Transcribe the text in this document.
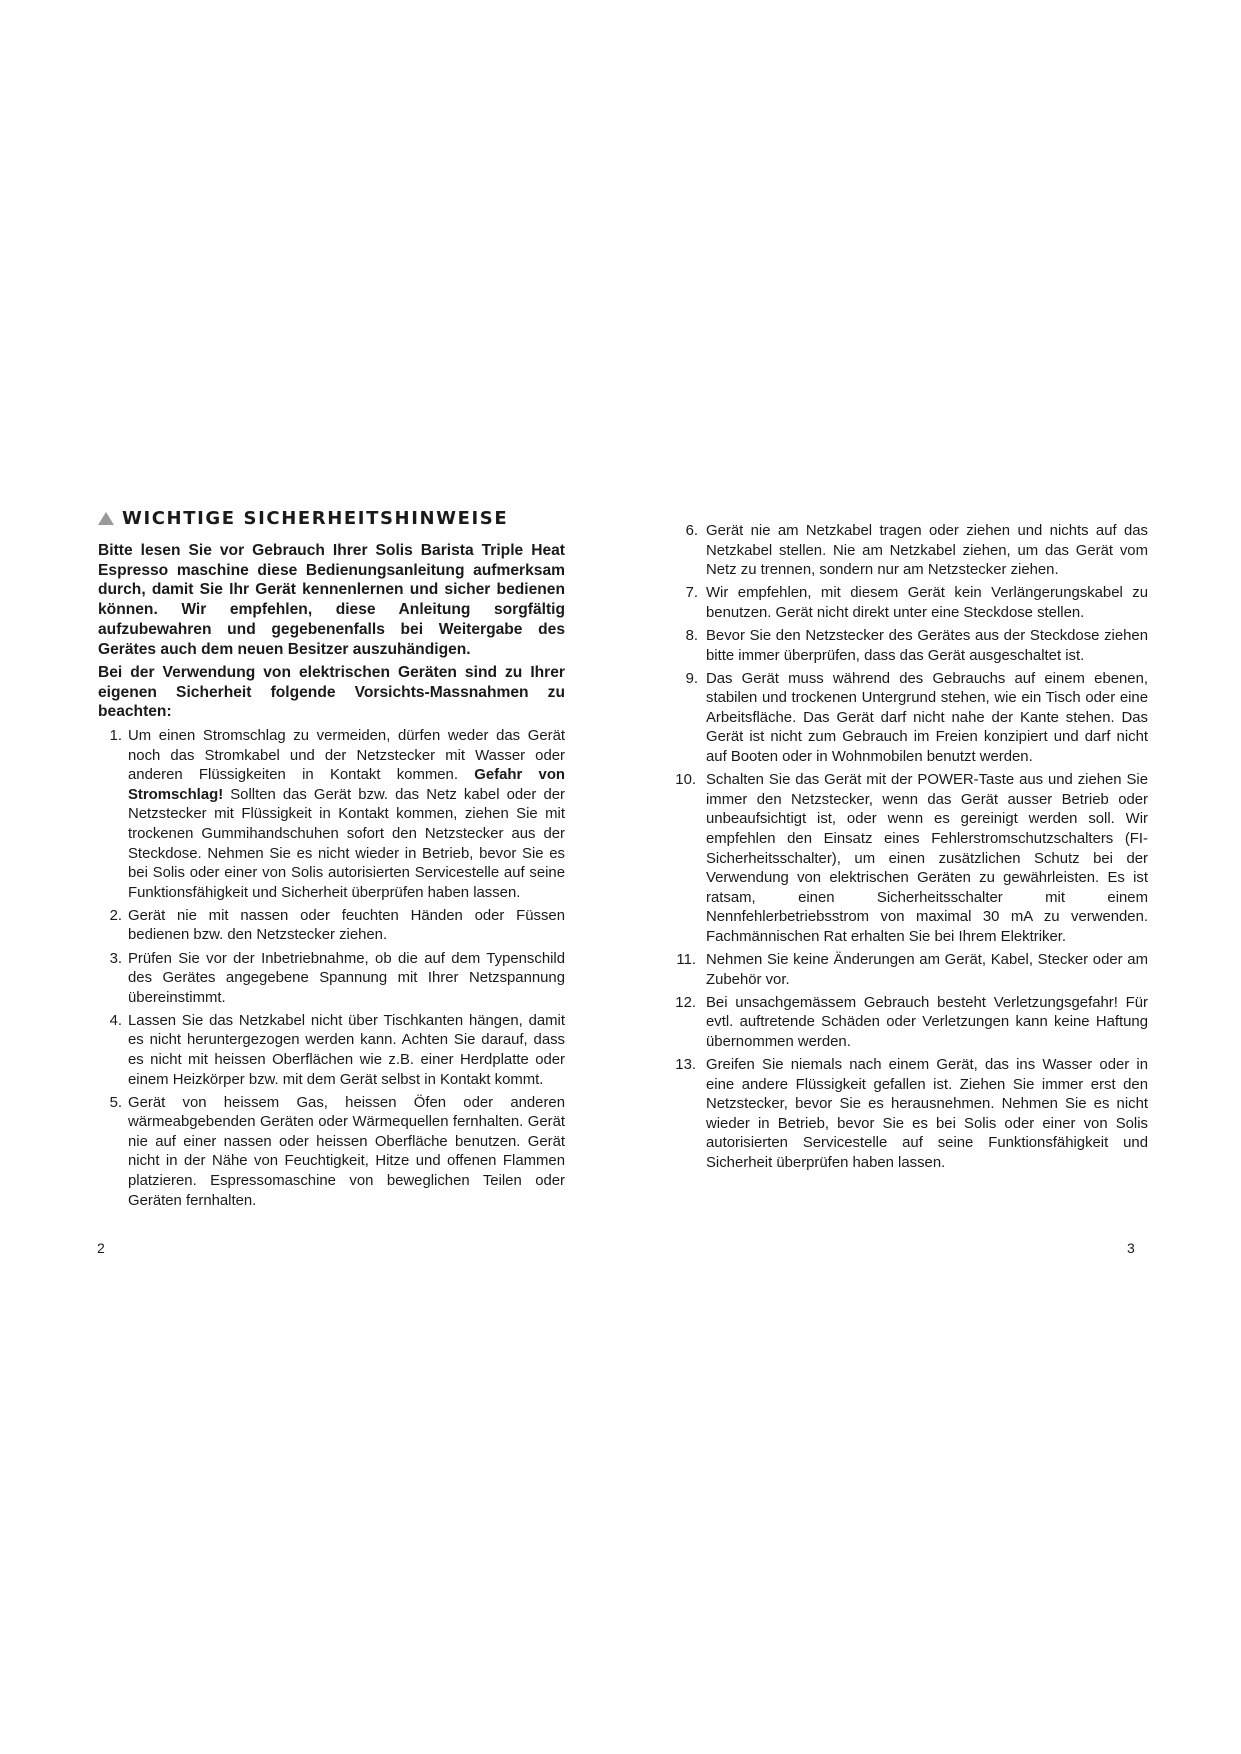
WICHTIGE SICHERHEITSHINWEISE

Bitte lesen Sie vor Gebrauch Ihrer Solis Barista Triple Heat Espresso maschine diese Bedienungsanleitung aufmerksam durch, damit Sie Ihr Gerät kennenlernen und sicher bedienen können. Wir empfehlen, diese Anleitung sorgfältig aufzubewahren und gegebenenfalls bei Weitergabe des Gerätes auch dem neuen Besitzer auszuhändigen.

Bei der Verwendung von elektrischen Geräten sind zu Ihrer eigenen Sicherheit folgende Vorsichts-Massnahmen zu beachten:

1. Um einen Stromschlag zu vermeiden, dürfen weder das Gerät noch das Stromkabel und der Netzstecker mit Wasser oder anderen Flüssigkeiten in Kontakt kommen. Gefahr von Stromschlag! Sollten das Gerät bzw. das Netz kabel oder der Netzstecker mit Flüssigkeit in Kontakt kommen, ziehen Sie mit trockenen Gummihandschuhen sofort den Netzstecker aus der Steckdose. Nehmen Sie es nicht wieder in Betrieb, bevor Sie es bei Solis oder einer von Solis autorisierten Servicestelle auf seine Funktionsfähigkeit und Sicherheit überprüfen haben lassen.
2. Gerät nie mit nassen oder feuchten Händen oder Füssen bedienen bzw. den Netzstecker ziehen.
3. Prüfen Sie vor der Inbetriebnahme, ob die auf dem Typenschild des Gerätes angegebene Spannung mit Ihrer Netzspannung übereinstimmt.
4. Lassen Sie das Netzkabel nicht über Tischkanten hängen, damit es nicht heruntergezogen werden kann. Achten Sie darauf, dass es nicht mit heissen Oberflächen wie z.B. einer Herdplatte oder einem Heizkörper bzw. mit dem Gerät selbst in Kontakt kommt.
5. Gerät von heissem Gas, heissen Öfen oder anderen wärmeabgebenden Geräten oder Wärmequellen fernhalten. Gerät nie auf einer nassen oder heissen Oberfläche benutzen. Gerät nicht in der Nähe von Feuchtigkeit, Hitze und offenen Flammen platzieren. Espressomaschine von beweglichen Teilen oder Geräten fernhalten.
6. Gerät nie am Netzkabel tragen oder ziehen und nichts auf das Netzkabel stellen. Nie am Netzkabel ziehen, um das Gerät vom Netz zu trennen, sondern nur am Netzstecker ziehen.
7. Wir empfehlen, mit diesem Gerät kein Verlängerungskabel zu benutzen. Gerät nicht direkt unter eine Steckdose stellen.
8. Bevor Sie den Netzstecker des Gerätes aus der Steckdose ziehen bitte immer überprüfen, dass das Gerät ausgeschaltet ist.
9. Das Gerät muss während des Gebrauchs auf einem ebenen, stabilen und trockenen Untergrund stehen, wie ein Tisch oder eine Arbeitsfläche. Das Gerät darf nicht nahe der Kante stehen. Das Gerät ist nicht zum Gebrauch im Freien konzipiert und darf nicht auf Booten oder in Wohnmobilen benutzt werden.
10. Schalten Sie das Gerät mit der POWER-Taste aus und ziehen Sie immer den Netzstecker, wenn das Gerät ausser Betrieb oder unbeaufsichtigt ist, oder wenn es gereinigt werden soll. Wir empfehlen den Einsatz eines Fehlerstromschutzschalters (FI-Sicherheitsschalter), um einen zusätzlichen Schutz bei der Verwendung von elektrischen Geräten zu gewährleisten. Es ist ratsam, einen Sicherheitsschalter mit einem Nennfehlerbetriebsstrom von maximal 30 mA zu verwenden. Fachmännischen Rat erhalten Sie bei Ihrem Elektriker.
11. Nehmen Sie keine Änderungen am Gerät, Kabel, Stecker oder am Zubehör vor.
12. Bei unsachgemässem Gebrauch besteht Verletzungsgefahr! Für evtl. auftretende Schäden oder Verletzungen kann keine Haftung übernommen werden.
13. Greifen Sie niemals nach einem Gerät, das ins Wasser oder in eine andere Flüssigkeit gefallen ist. Ziehen Sie immer erst den Netzstecker, bevor Sie es herausnehmen. Nehmen Sie es nicht wieder in Betrieb, bevor Sie es bei Solis oder einer von Solis autorisierten Servicestelle auf seine Funktionsfähigkeit und Sicherheit überprüfen haben lassen.
2	3
